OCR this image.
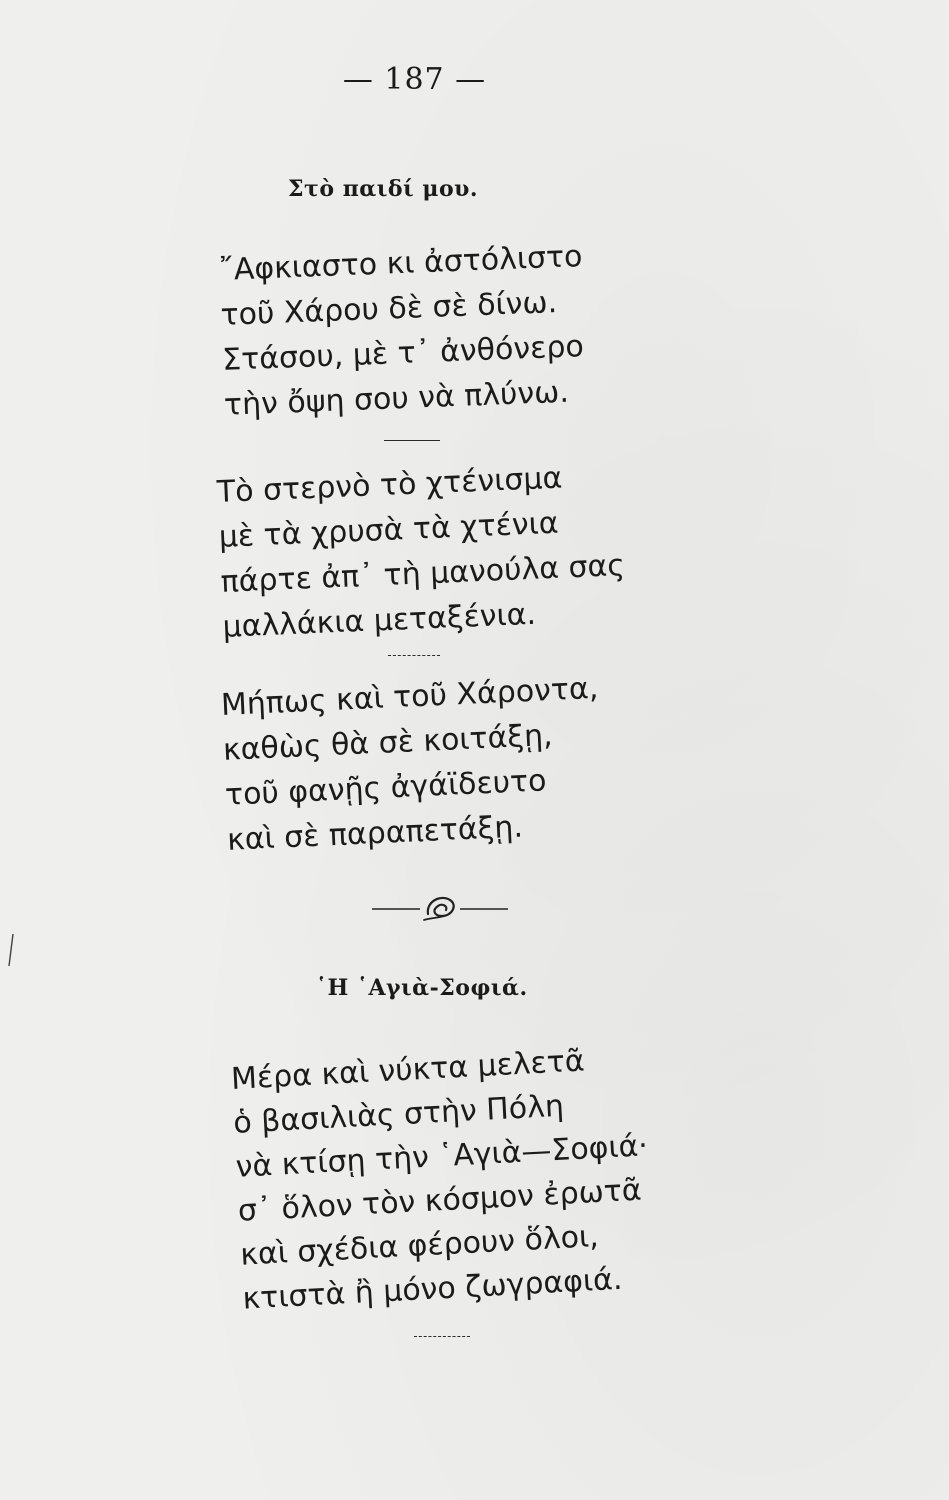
— 187 —
Στὸ παιδί μου.
῎Αφκιαστο κι ἀστόλιστο
τοῦ Χάρου δὲ σὲ δίνω.
Στάσου, μὲ τ᾽ ἀνθόνερο
τὴν ὄψη σου νὰ πλύνω.
Τὸ στερνὸ τὸ χτένισμα
μὲ τὰ χρυσὰ τὰ χτένια
πάρτε ἀπ᾽ τὴ μανούλα σας
μαλλάκια μεταξένια.
Μήπως καὶ τοῦ Χάροντα,
καθὼς θὰ σὲ κοιτάξῃ,
τοῦ φανῇς ἀγάϊδευτο
καὶ σὲ παραπετάξῃ.
῾Η ῾Αγιὰ-Σοφιά.
Μέρα καὶ νύκτα μελετᾶ
ὁ βασιλιὰς στὴν Πόλη
νὰ κτίσῃ τὴν ῾Αγιὰ—Σοφιά·
σ᾽ ὅλον τὸν κόσμον ἐρωτᾶ
καὶ σχέδια φέρουν ὅλοι,
κτιστὰ ἢ μόνο ζωγραφιά.
